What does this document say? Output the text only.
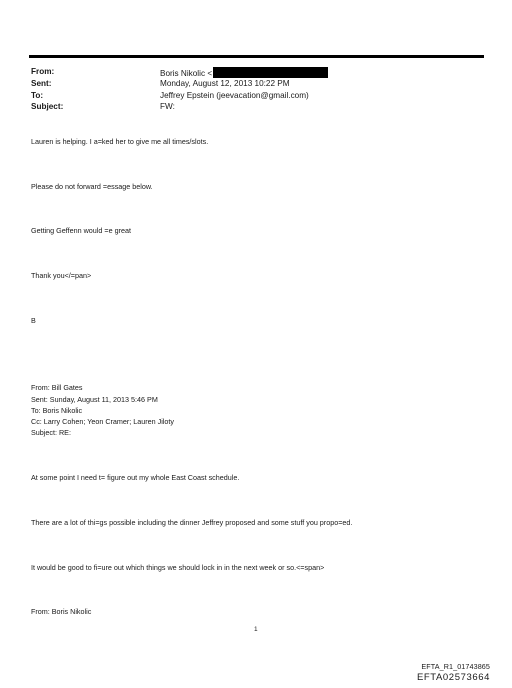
From:	Boris Nikolic <
Sent:	Monday, August 12, 2013 10:22 PM
To:	Jeffrey Epstein (jeevacation@gmail.com)
Subject:	FW:
Lauren is helping. I a=ked her to give me all times/slots.
Please do not forward =essage below.
Getting Geffenn would =e great
Thank you</=pan>
B
From: Bill Gates
Sent: Sunday, August 11, 2013 5:46 PM
To: Boris Nikolic
Cc: Larry Cohen; Yeon Cramer; Lauren Jiloty
Subject: RE:
At some point I need t= figure out my whole East Coast schedule.
There are a lot of thi=gs possible including the dinner Jeffrey proposed and some stuff you propo=ed.
It would be good to fi=ure out which things we should lock in in the next week or so.<=span>
From: Boris Nikolic
1
EFTA_R1_01743865
EFTA02573664
